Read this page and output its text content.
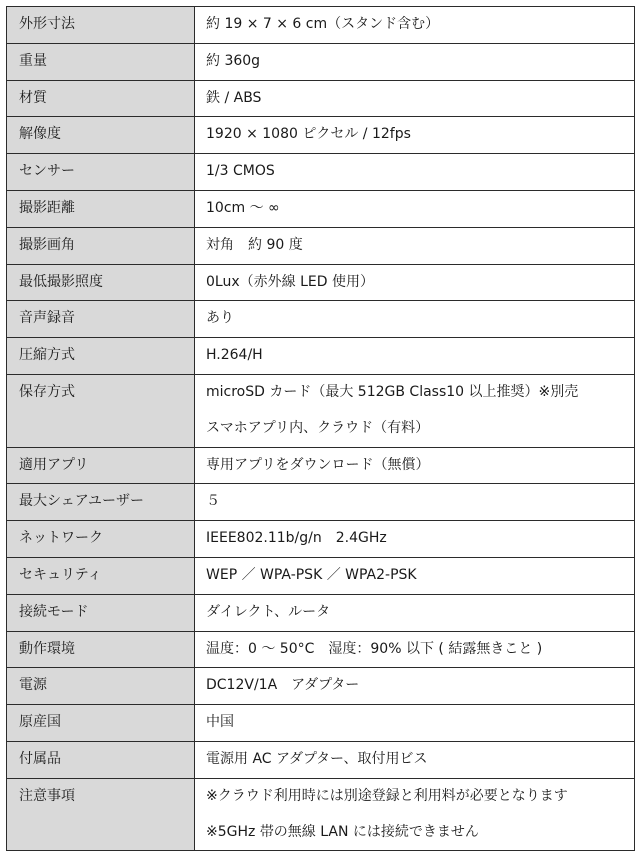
外形寸法	約 19 × 7 × 6 cm（スタンド含む）

重量	約 360g

材質	鉄 / ABS

解像度	1920 × 1080 ピクセル / 12fps

センサー	1/3 CMOS

撮影距離	10cm 〜 ∞

撮影画角	対角　約 90 度

最低撮影照度	0Lux（赤外線 LED 使用）

音声録音	あり

圧縮方式	H.264/H

保存方式	microSD カード（最大 512GB Class10 以上推奨）※別売
スマホアプリ内、クラウド（有料）

適用アプリ	専用アプリをダウンロード（無償）

最大シェアユーザー	５

ネットワーク	IEEE802.11b/g/n　2.4GHz

セキュリティ	WEP ／ WPA-PSK ／ WPA2-PSK

接続モード	ダイレクト、ルータ

動作環境	温度：0 〜 50°C　湿度：90% 以下 ( 結露無きこと )

電源	DC12V/1A　アダプター

原産国	中国

付属品	電源用 AC アダプター、取付用ビス

注意事項	※クラウド利用時には別途登録と利用料が必要となります
※5GHz 帯の無線 LAN には接続できません
